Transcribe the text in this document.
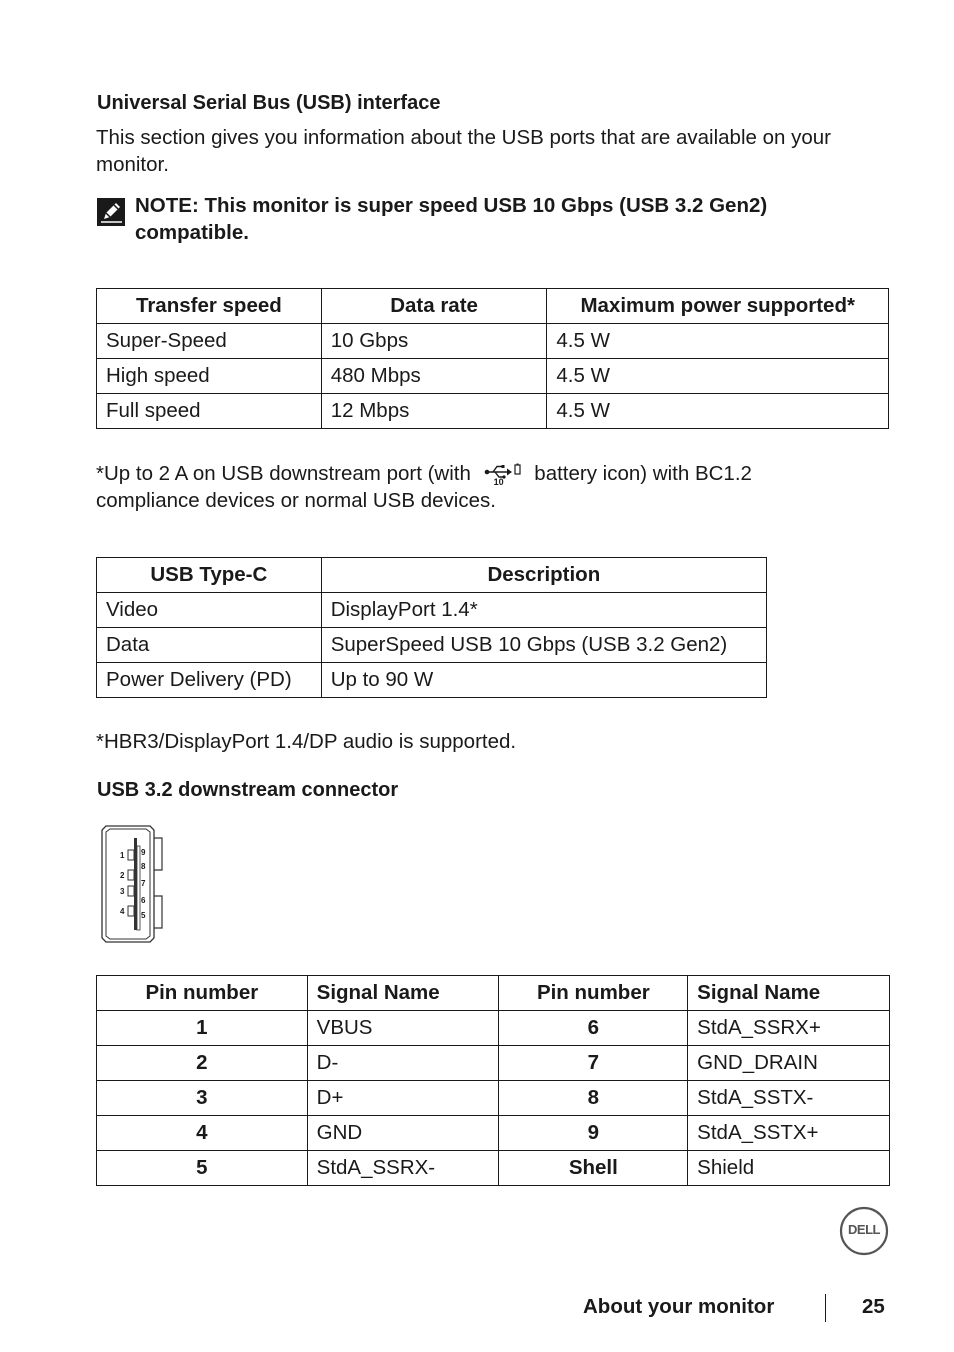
Universal Serial Bus (USB) interface
This section gives you information about the USB ports that are available on your monitor.
NOTE: This monitor is super speed USB 10 Gbps (USB 3.2 Gen2) compatible.
Transfer speed	Data rate	Maximum power supported*
Super-Speed	10 Gbps	4.5 W
High speed	480 Mbps	4.5 W
Full speed	12 Mbps	4.5 W
*Up to 2 A on USB downstream port (with	10 battery icon) with BC1.2
compliance devices or normal USB devices.
USB Type-C	Description
Video	DisplayPort 1.4*
Data	SuperSpeed USB 10 Gbps (USB 3.2 Gen2)
Power Delivery (PD)	Up to 90 W
*HBR3/DisplayPort 1.4/DP audio is supported.
USB 3.2 downstream connector
1
2
3
4
9
8
7
6
5
Pin number	Signal Name	Pin number	Signal Name
1	VBUS	6	StdA_SSRX+
2	D-	7	GND_DRAIN
3	D+	8	StdA_SSTX-
4	GND	9	StdA_SSTX+
5	StdA_SSRX-	Shell	Shield
DELL
About your monitor	25
